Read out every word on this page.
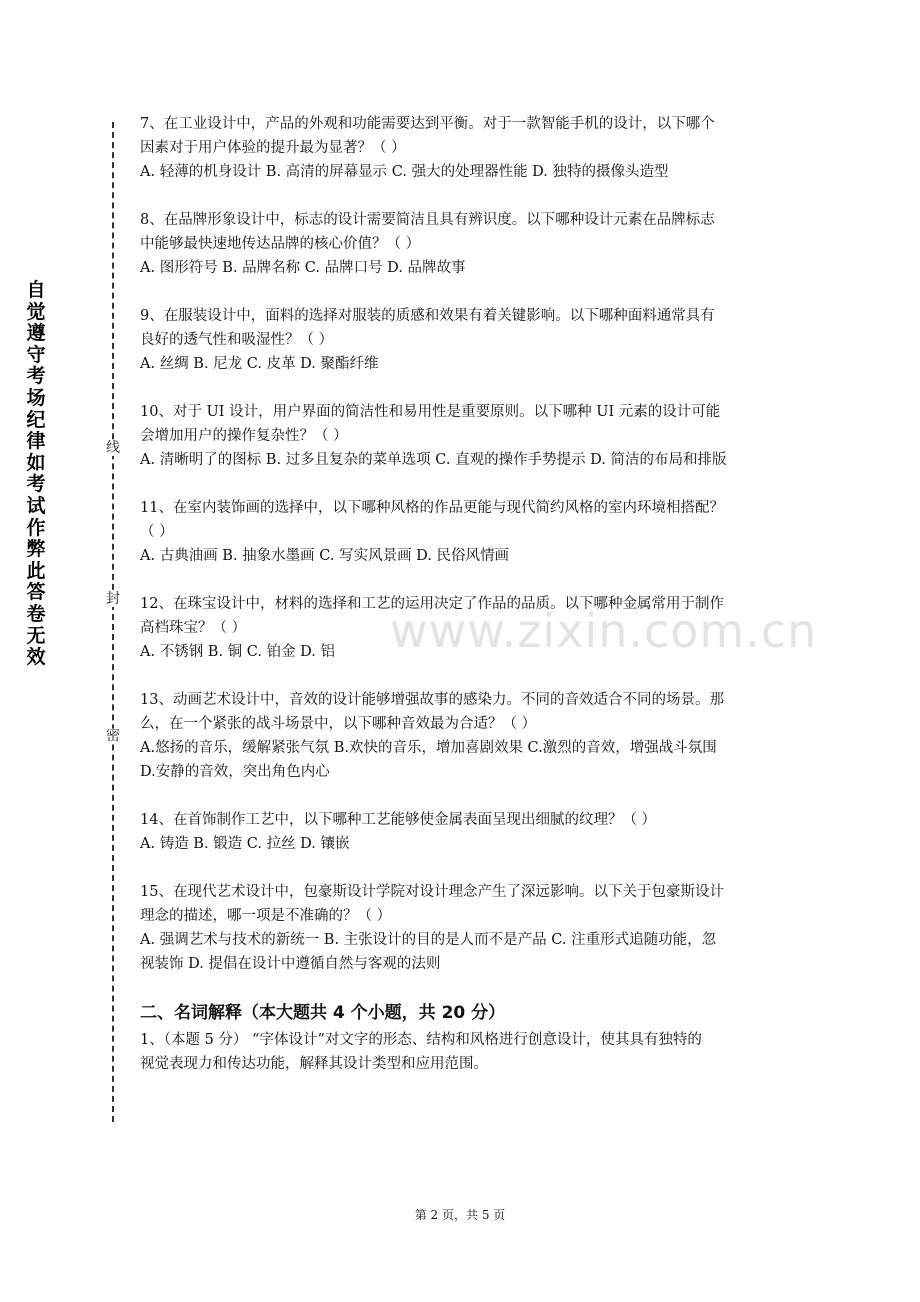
自觉遵守考场纪律如考试作弊此答卷无效
线
封
密
www.zixin.com.cn

7、在工业设计中，产品的外观和功能需要达到平衡。对于一款智能手机的设计，以下哪个

因素对于用户体验的提升最为显著？（ ）

A. 轻薄的机身设计 B. 高清的屏幕显示 C. 强大的处理器性能 D. 独特的摄像头造型

8、在品牌形象设计中，标志的设计需要简洁且具有辨识度。以下哪种设计元素在品牌标志

中能够最快速地传达品牌的核心价值？（ ）

A. 图形符号 B. 品牌名称 C. 品牌口号 D. 品牌故事

9、在服装设计中，面料的选择对服装的质感和效果有着关键影响。以下哪种面料通常具有

良好的透气性和吸湿性？（ ）

A. 丝绸 B. 尼龙 C. 皮革 D. 聚酯纤维

10、对于 UI 设计，用户界面的简洁性和易用性是重要原则。以下哪种 UI 元素的设计可能

会增加用户的操作复杂性？（ ）

A. 清晰明了的图标 B. 过多且复杂的菜单选项 C. 直观的操作手势提示 D. 简洁的布局和排版

11、在室内装饰画的选择中，以下哪种风格的作品更能与现代简约风格的室内环境相搭配？

（ ）

A. 古典油画 B. 抽象水墨画 C. 写实风景画 D. 民俗风情画

12、在珠宝设计中，材料的选择和工艺的运用决定了作品的品质。以下哪种金属常用于制作

高档珠宝？（ ）

A. 不锈钢 B. 铜 C. 铂金 D. 铝

13、动画艺术设计中，音效的设计能够增强故事的感染力。不同的音效适合不同的场景。那

么，在一个紧张的战斗场景中，以下哪种音效最为合适？（ ）

A.悠扬的音乐，缓解紧张气氛 B.欢快的音乐，增加喜剧效果 C.激烈的音效，增强战斗氛围

D.安静的音效，突出角色内心

14、在首饰制作工艺中，以下哪种工艺能够使金属表面呈现出细腻的纹理？（ ）

A. 铸造 B. 锻造 C. 拉丝 D. 镶嵌

15、在现代艺术设计中，包豪斯设计学院对设计理念产生了深远影响。以下关于包豪斯设计

理念的描述，哪一项是不准确的？（ ）

A. 强调艺术与技术的新统一 B. 主张设计的目的是人而不是产品 C. 注重形式追随功能，忽

视装饰 D. 提倡在设计中遵循自然与客观的法则

二、名词解释（本大题共 4 个小题，共 20 分）

1、（本题 5 分） “字体设计”对文字的形态、结构和风格进行创意设计，使其具有独特的

视觉表现力和传达功能，解释其设计类型和应用范围。

第 2 页，共 5 页
